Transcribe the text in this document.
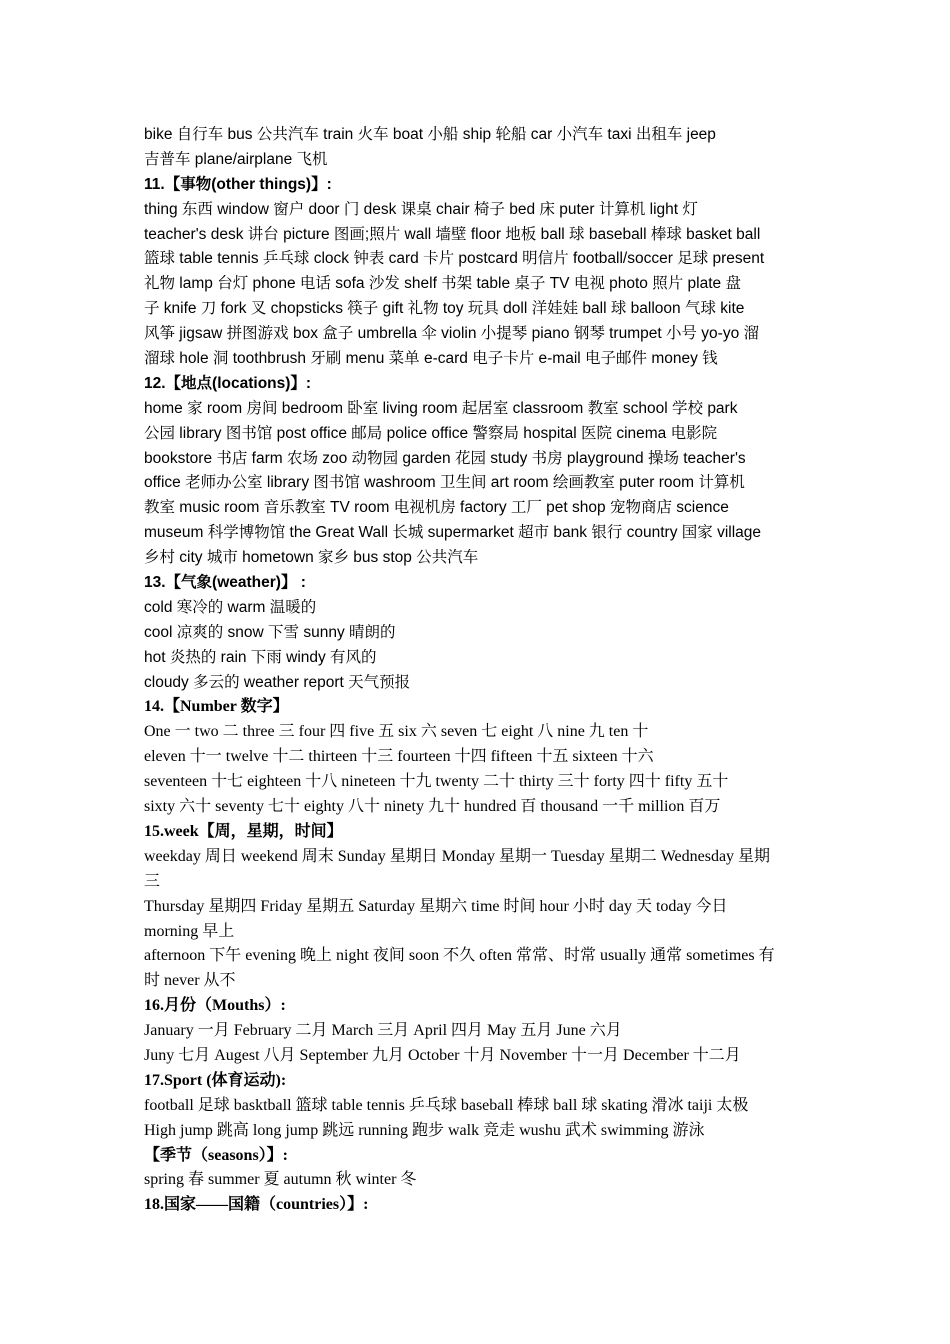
bike 自行车 bus 公共汽车 train 火车 boat 小船 ship 轮船 car 小汽车 taxi 出租车 jeep
吉普车 plane/airplane 飞机
11.【事物(other things)】:
thing 东西 window 窗户 door 门 desk 课桌 chair 椅子 bed 床 puter 计算机 light 灯
teacher's desk 讲台 picture 图画;照片 wall 墙壁 floor 地板 ball 球 baseball 棒球 basket ball
篮球 table tennis 乒乓球 clock 钟表 card 卡片 postcard 明信片 football/soccer 足球 present
礼物 lamp 台灯 phone 电话 sofa 沙发 shelf 书架 table 桌子 TV 电视 photo 照片 plate 盘
子 knife 刀 fork 叉 chopsticks 筷子 gift 礼物 toy 玩具 doll 洋娃娃 ball 球 balloon 气球 kite
风筝 jigsaw 拼图游戏 box 盒子 umbrella 伞 violin 小提琴 piano 钢琴 trumpet 小号 yo-yo 溜
溜球 hole 洞 toothbrush 牙刷 menu 菜单 e-card 电子卡片 e-mail 电子邮件 money 钱
12.【地点(locations)】:
home 家 room 房间 bedroom 卧室 living room 起居室 classroom 教室 school 学校 park
公园 library 图书馆 post office 邮局 police office 警察局 hospital 医院 cinema 电影院
bookstore 书店 farm 农场 zoo 动物园 garden 花园 study 书房 playground 操场 teacher's
office 老师办公室 library 图书馆 washroom 卫生间 art room 绘画教室 puter room 计算机
教室 music room 音乐教室 TV room 电视机房 factory 工厂 pet shop 宠物商店 science
museum 科学博物馆 the Great Wall 长城 supermarket 超市 bank 银行 country 国家 village
乡村 city 城市 hometown 家乡 bus stop 公共汽车
13.【气象(weather)】 :
cold 寒冷的 warm 温暖的
cool 凉爽的 snow 下雪 sunny 晴朗的
hot 炎热的 rain 下雨 windy 有风的
cloudy 多云的 weather report 天气预报
14.【Number 数字】
One 一 two 二 three 三 four 四 five 五 six 六 seven 七 eight 八 nine 九 ten 十
eleven 十一 twelve 十二 thirteen 十三 fourteen 十四 fifteen 十五 sixteen 十六
seventeen 十七 eighteen 十八 nineteen 十九 twenty 二十 thirty 三十 forty 四十 fifty 五十
sixty 六十 seventy 七十 eighty 八十 ninety 九十 hundred 百 thousand 一千 million 百万
15.week【周，星期，时间】
weekday 周日 weekend 周末 Sunday 星期日 Monday 星期一 Tuesday 星期二 Wednesday 星期
三
Thursday 星期四 Friday 星期五 Saturday 星期六 time 时间 hour 小时 day 天 today 今日
morning 早上
afternoon 下午 evening 晚上 night 夜间 soon 不久 often 常常、时常 usually 通常 sometimes 有
时 never 从不
16.月份（Mouths）:
January 一月 February 二月 March 三月 April 四月 May 五月 June 六月
Juny 七月 Augest 八月 September 九月 October 十月 November 十一月 December 十二月
17.Sport (体育运动):
football 足球 basktball 篮球 table tennis 乒乓球 baseball 棒球 ball 球 skating 滑冰 taiji 太极
High jump 跳高 long jump 跳远 running 跑步 walk 竞走 wushu 武术 swimming 游泳
【季节（seasons）】:
spring 春 summer 夏 autumn 秋 winter 冬
18.国家——国籍（countries）】:
